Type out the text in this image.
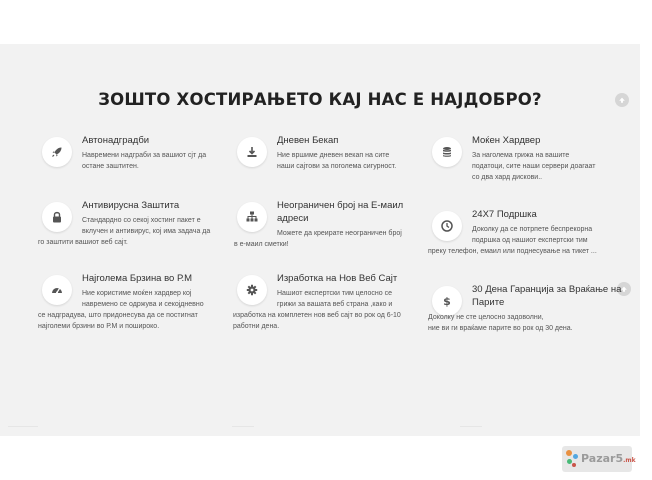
ЗОШТО ХОСТИРАЊЕТО КАЈ НАС Е НАЈДОБРО?
Автонадградби
Навремени надграби за вашиот сјт да
остане заштитен.
Дневен Бекап
Ние вршиме дневен векап на сите
наши сајтови за поголема сигурност.
Моќен Хардвер
За наголема грижа на вашите
податоци, сите наши сервери доагаат
со два хард дискови..
Антивирусна Заштита
Стандардно со секој хостинг пакет е
вклучен и антивирус, кој има задача да
го заштити вашиот веб сајт.
Неограничен број на Е-маил адреси
Можете да креирате неограничен број
в е-маил сметки!
24X7 Подршка
Доколку да се потрпете беспрекорна
подршка од нашиот експертски тим
преку телефон, емаил или поднесување на тикет ...
Најголема Брзина во Р.М
Ние користиме моќен хардвер кој
навремено се одржува и секојдневно
се надградува, што придонесува да се постигнат
најголеми брзини во Р.М и пошироко.
Изработка на Нов Веб Сајт
Нашиот експертски тим целосно се
грижи за вашата веб страна ,како и
изработка на комплетен нов веб сајт во рок од 6-10
работни дена.
$
30 Дена Гаранција за Враќање на Парите
Доколку не сте целосно задоволни,
ние ви ги враќаме парите во рок од 30 дена.
Pazar5.mk
